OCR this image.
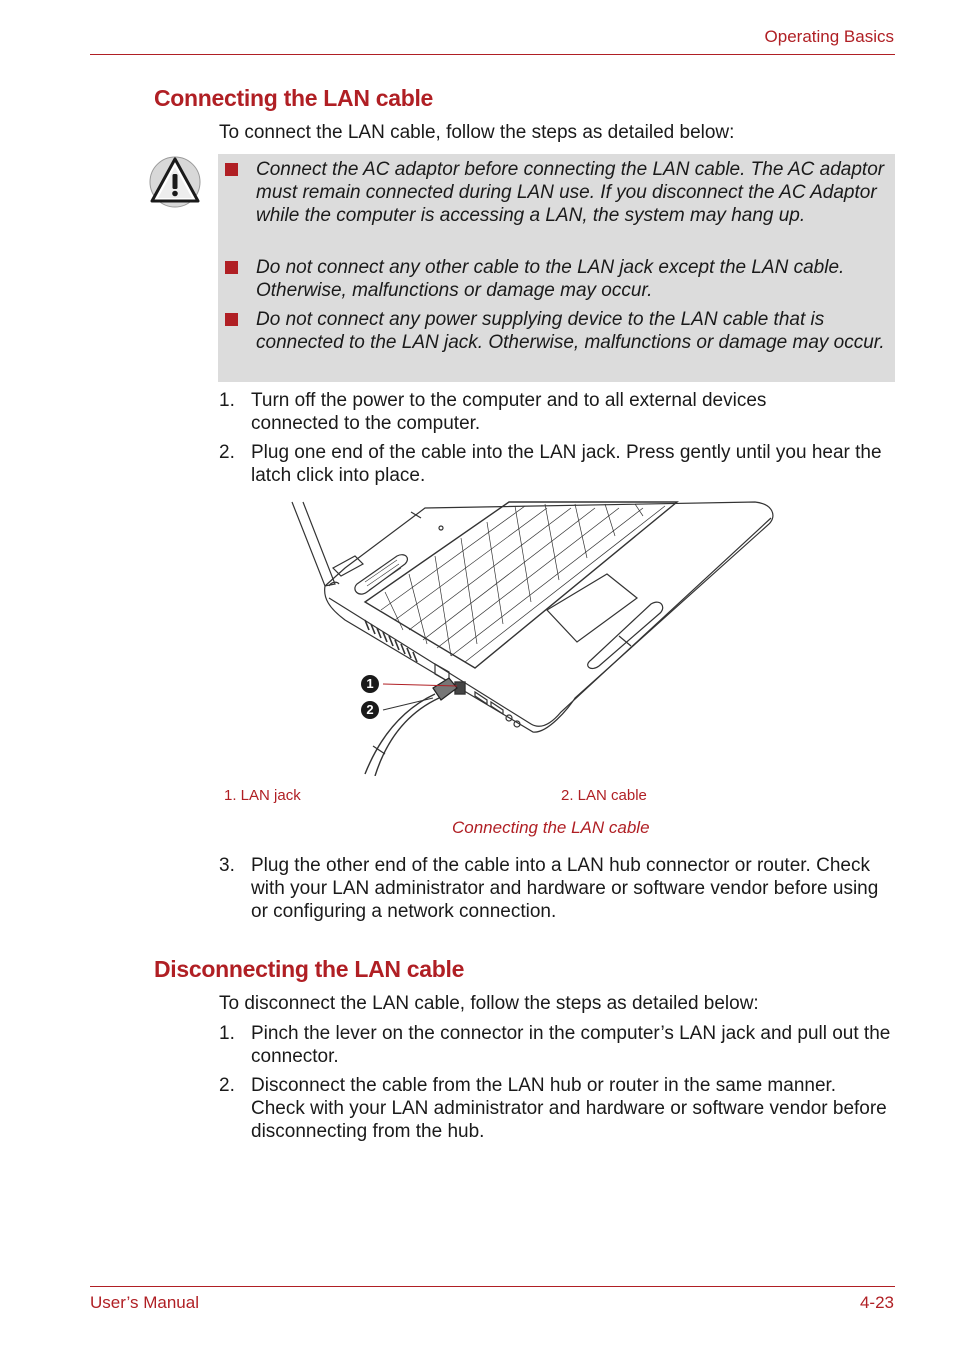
Operating Basics
Connecting the LAN cable
To connect the LAN cable, follow the steps as detailed below:
Connect the AC adaptor before connecting the LAN cable. The AC adaptor must remain connected during LAN use. If you disconnect the AC Adaptor while the computer is accessing a LAN, the system may hang up.
Do not connect any other cable to the LAN jack except the LAN cable. Otherwise, malfunctions or damage may occur.
Do not connect any power supplying device to the LAN cable that is connected to the LAN jack. Otherwise, malfunctions or damage may occur.
1. Turn off the power to the computer and to all external devices connected to the computer.
2. Plug one end of the cable into the LAN jack. Press gently until you hear the latch click into place.
1
2
1. LAN jack	2. LAN cable
Connecting the LAN cable
3. Plug the other end of the cable into a LAN hub connector or router. Check with your LAN administrator and hardware or software vendor before using or configuring a network connection.
Disconnecting the LAN cable
To disconnect the LAN cable, follow the steps as detailed below:
1. Pinch the lever on the connector in the computer’s LAN jack and pull out the connector.
2. Disconnect the cable from the LAN hub or router in the same manner. Check with your LAN administrator and hardware or software vendor before disconnecting from the hub.
User’s Manual	4-23
